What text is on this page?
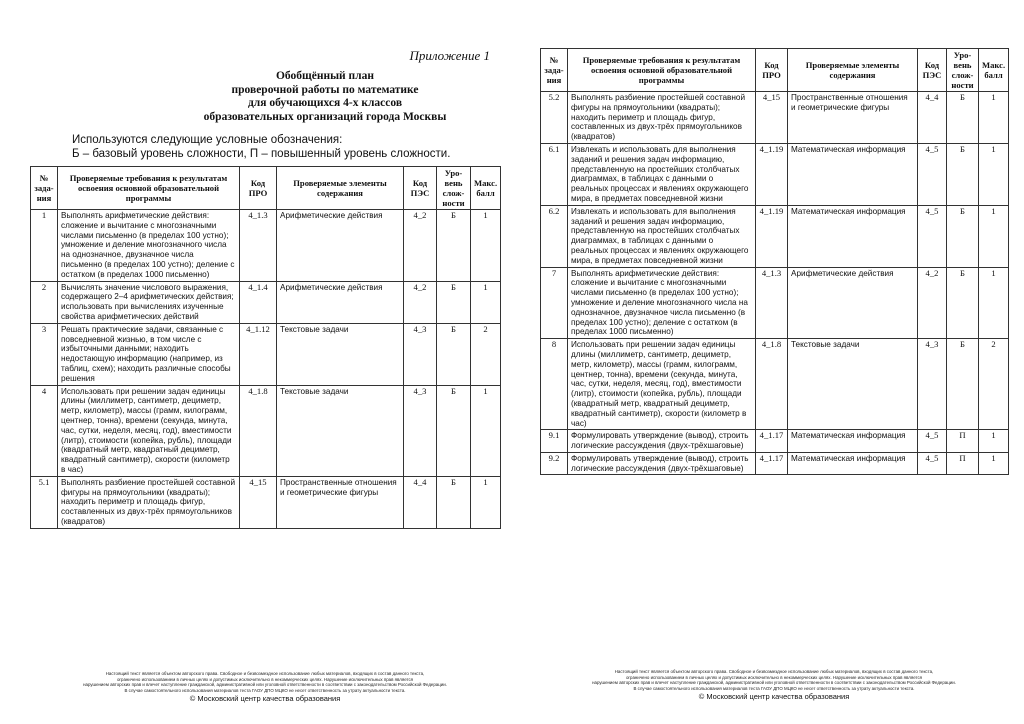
Приложение 1
Обобщённый план
проверочной работы по математике
для обучающихся 4-х классов
образовательных организаций города Москвы
Используются следующие условные обозначения:
Б – базовый уровень сложности, П – повышенный уровень сложности.
№ зада-ния	Проверяемые требования к результатам освоения основной образовательной программы	Код ПРО	Проверяемые элементы содержания	Код ПЭС	Уро-вень слож-ности	Макс. балл
1	Выполнять арифметические действия: сложение и вычитание с многозначными числами письменно (в пределах 100 устно); умножение и деление многозначного числа на однозначное, двузначное числа письменно (в пределах 100 устно); деление с остатком (в пределах 1000 письменно)	4_1.3	Арифметические действия	4_2	Б	1
2	Вычислять значение числового выражения, содержащего 2–4 арифметических действия; использовать при вычислениях изученные свойства арифметических действий	4_1.4	Арифметические действия	4_2	Б	1
3	Решать практические задачи, связанные с повседневной жизнью, в том числе с избыточными данными; находить недостающую информацию (например, из таблиц, схем); находить различные способы решения	4_1.12	Текстовые задачи	4_3	Б	2
4	Использовать при решении задач единицы длины (миллиметр, сантиметр, дециметр, метр, километр), массы (грамм, килограмм, центнер, тонна), времени (секунда, минута, час, сутки, неделя, месяц, год), вместимости (литр), стоимости (копейка, рубль), площади (квадратный метр, квадратный дециметр, квадратный сантиметр), скорости (километр в час)	4_1.8	Текстовые задачи	4_3	Б	1
5.1	Выполнять разбиение простейшей составной фигуры на прямоугольники (квадраты); находить периметр и площадь фигур, составленных из двух-трёх прямоугольников (квадратов)	4_15	Пространственные отношения и геометрические фигуры	4_4	Б	1
Настоящий текст является объектом авторского права. Свободное и безвозмездное использование любых материалов, входящих в состав данного текста,
ограничено использованием в личных целях и допустимых исключительно в некоммерческих целях. Нарушение исключительных прав является
нарушением авторских прав и влечет наступление гражданской, административной или уголовной ответственности в соответствии с законодательством Российской Федерации.
В случае самостоятельного использования материалов теста ГАОУ ДПО МЦКО не несет ответственность за утрату актуальности текста.
© Московский центр качества образования
№ зада-ния	Проверяемые требования к результатам освоения основной образовательной программы	Код ПРО	Проверяемые элементы содержания	Код ПЭС	Уро-вень слож-ности	Макс. балл
5.2	Выполнять разбиение простейшей составной фигуры на прямоугольники (квадраты); находить периметр и площадь фигур, составленных из двух-трёх прямоугольников (квадратов)	4_15	Пространственные отношения и геометрические фигуры	4_4	Б	1
6.1	Извлекать и использовать для выполнения заданий и решения задач информацию, представленную на простейших столбчатых диаграммах, в таблицах с данными о реальных процессах и явлениях окружающего мира, в предметах повседневной жизни	4_1.19	Математическая информация	4_5	Б	1
6.2	Извлекать и использовать для выполнения заданий и решения задач информацию, представленную на простейших столбчатых диаграммах, в таблицах с данными о реальных процессах и явлениях окружающего мира, в предметах повседневной жизни	4_1.19	Математическая информация	4_5	Б	1
7	Выполнять арифметические действия: сложение и вычитание с многозначными числами письменно (в пределах 100 устно); умножение и деление многозначного числа на однозначное, двузначное числа письменно (в пределах 100 устно); деление с остатком (в пределах 1000 письменно)	4_1.3	Арифметические действия	4_2	Б	1
8	Использовать при решении задач единицы длины (миллиметр, сантиметр, дециметр, метр, километр), массы (грамм, килограмм, центнер, тонна), времени (секунда, минута, час, сутки, неделя, месяц, год), вместимости (литр), стоимости (копейка, рубль), площади (квадратный метр, квадратный дециметр, квадратный сантиметр), скорости (километр в час)	4_1.8	Текстовые задачи	4_3	Б	2
9.1	Формулировать утверждение (вывод), строить логические рассуждения (двух-трёхшаговые)	4_1.17	Математическая информация	4_5	П	1
9.2	Формулировать утверждение (вывод), строить логические рассуждения (двух-трёхшаговые)	4_1.17	Математическая информация	4_5	П	1
Настоящий текст является объектом авторского права. Свободное и безвозмездное использование любых материалов, входящих в состав данного текста,
ограничено использованием в личных целях и допустимых исключительно в некоммерческих целях. Нарушение исключительных прав является
нарушением авторских прав и влечет наступление гражданской, административной или уголовной ответственности в соответствии с законодательством Российской Федерации.
В случае самостоятельного использования материалов теста ГАОУ ДПО МЦКО не несет ответственность за утрату актуальности текста.
© Московский центр качества образования
